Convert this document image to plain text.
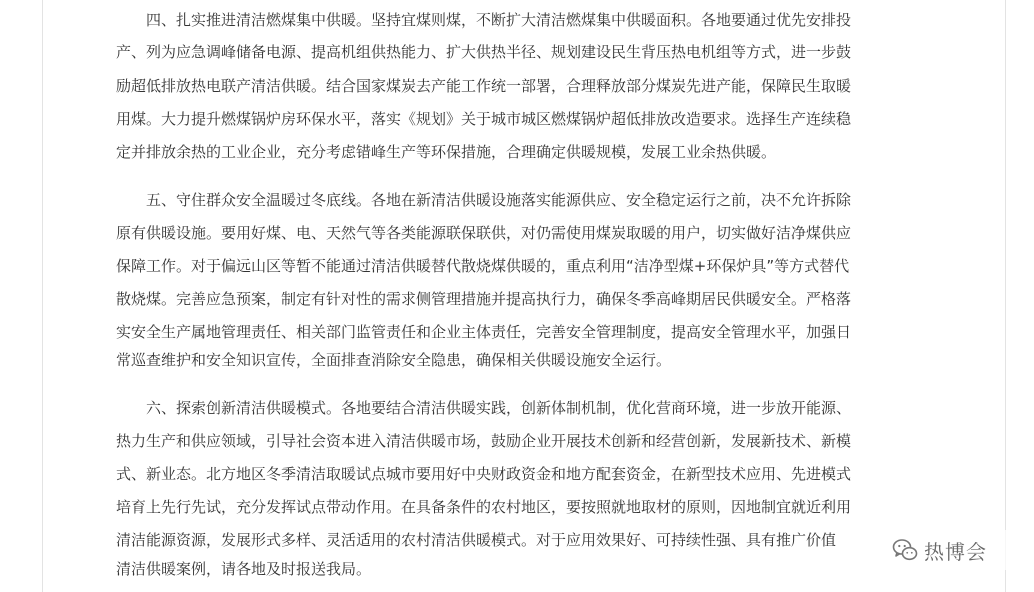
四、扎实推进清洁燃煤集中供暖。坚持宜煤则煤，不断扩大清洁燃煤集中供暖面积。各地要通过优先安排投
产、列为应急调峰储备电源、提高机组供热能力、扩大供热半径、规划建设民生背压热电机组等方式，进一步鼓
励超低排放热电联产清洁供暖。结合国家煤炭去产能工作统一部署，合理释放部分煤炭先进产能，保障民生取暖
用煤。大力提升燃煤锅炉房环保水平，落实《规划》关于城市城区燃煤锅炉超低排放改造要求。选择生产连续稳
定并排放余热的工业企业，充分考虑错峰生产等环保措施，合理确定供暖规模，发展工业余热供暖。
五、守住群众安全温暖过冬底线。各地在新清洁供暖设施落实能源供应、安全稳定运行之前，决不允许拆除
原有供暖设施。要用好煤、电、天然气等各类能源联保联供，对仍需使用煤炭取暖的用户，切实做好洁净煤供应
保障工作。对于偏远山区等暂不能通过清洁供暖替代散烧煤供暖的，重点利用“洁净型煤+环保炉具”等方式替代
散烧煤。完善应急预案，制定有针对性的需求侧管理措施并提高执行力，确保冬季高峰期居民供暖安全。严格落
实安全生产属地管理责任、相关部门监管责任和企业主体责任，完善安全管理制度，提高安全管理水平，加强日
常巡查维护和安全知识宣传，全面排查消除安全隐患，确保相关供暖设施安全运行。
六、探索创新清洁供暖模式。各地要结合清洁供暖实践，创新体制机制，优化营商环境，进一步放开能源、
热力生产和供应领域，引导社会资本进入清洁供暖市场，鼓励企业开展技术创新和经营创新，发展新技术、新模
式、新业态。北方地区冬季清洁取暖试点城市要用好中央财政资金和地方配套资金，在新型技术应用、先进模式
培育上先行先试，充分发挥试点带动作用。在具备条件的农村地区，要按照就地取材的原则，因地制宜就近利用
清洁能源资源，发展形式多样、灵活适用的农村清洁供暖模式。对于应用效果好、可持续性强、具有推广价值
清洁供暖案例，请各地及时报送我局。
热博会
